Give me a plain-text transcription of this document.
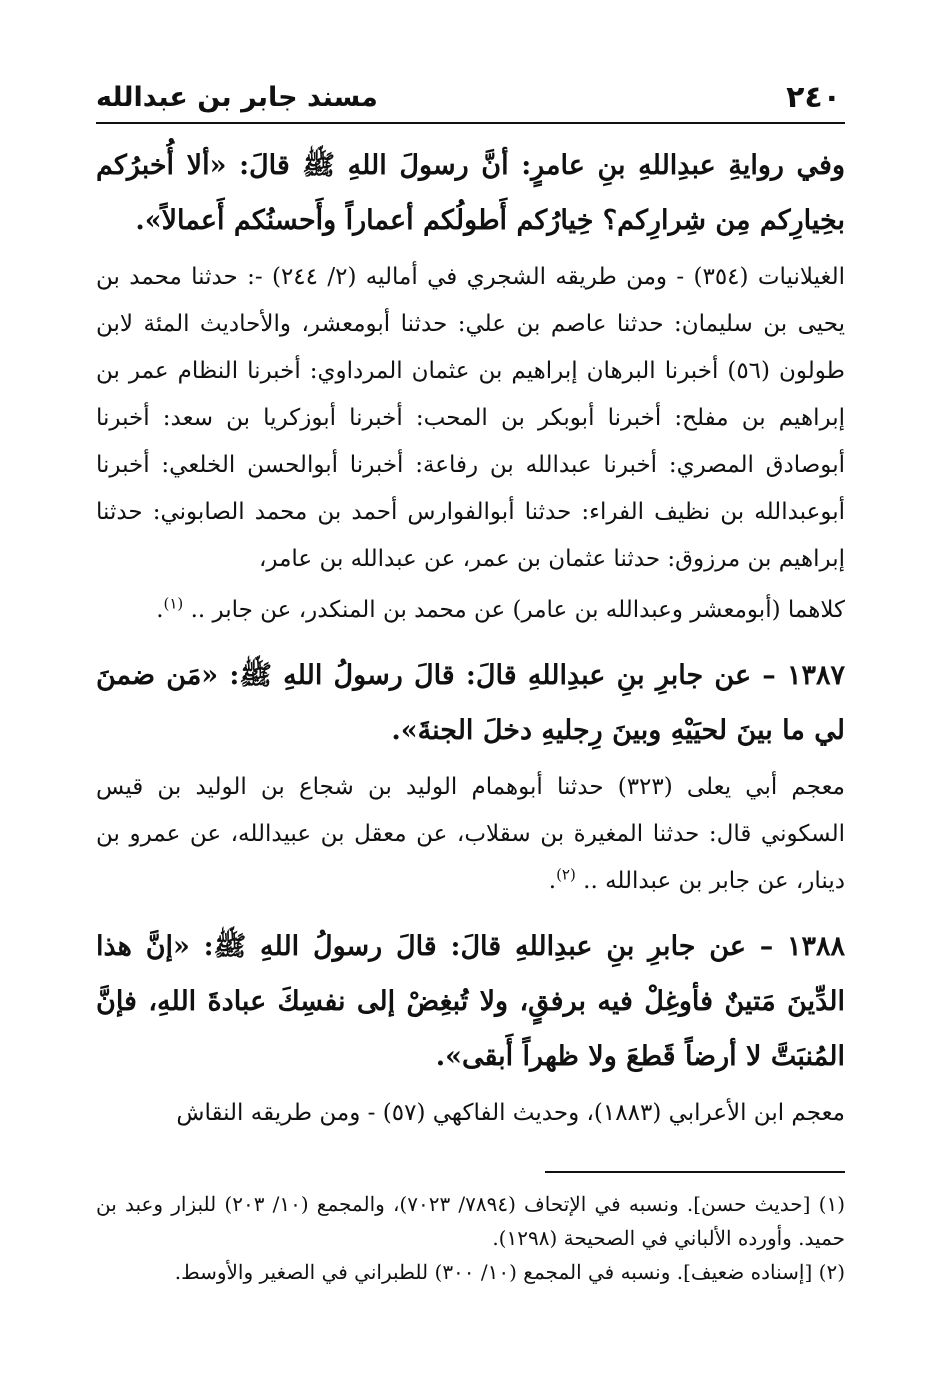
٢٤٠
مسند جابر بن عبدالله

وفي روايةِ عبدِاللهِ بنِ عامرٍ: أنَّ رسولَ اللهِ ﷺ قالَ: «ألا أُخبرُكم بخِيارِكم مِن شِرارِكم؟ خِيارُكم أَطولُكم أعماراً وأَحسنُكم أَعمالاً».

الغيلانيات (٣٥٤) - ومن طريقه الشجري في أماليه (٢/ ٢٤٤) -: حدثنا محمد بن يحيى بن سليمان: حدثنا عاصم بن علي: حدثنا أبومعشر، والأحاديث المئة لابن طولون (٥٦) أخبرنا البرهان إبراهيم بن عثمان المرداوي: أخبرنا النظام عمر بن إبراهيم بن مفلح: أخبرنا أبوبكر بن المحب: أخبرنا أبوزكريا بن سعد: أخبرنا أبوصادق المصري: أخبرنا عبدالله بن رفاعة: أخبرنا أبوالحسن الخلعي: أخبرنا أبوعبدالله بن نظيف الفراء: حدثنا أبوالفوارس أحمد بن محمد الصابوني: حدثنا إبراهيم بن مرزوق: حدثنا عثمان بن عمر، عن عبدالله بن عامر،

كلاهما (أبومعشر وعبدالله بن عامر) عن محمد بن المنكدر، عن جابر .. $^{(١)}$.

١٣٨٧ – عن جابرِ بنِ عبدِاللهِ قالَ: قالَ رسولُ اللهِ ﷺ: «مَن ضمنَ لي ما بينَ لحيَيْهِ وبينَ رِجليهِ دخلَ الجنةَ».

معجم أبي يعلى (٣٢٣) حدثنا أبوهمام الوليد بن شجاع بن الوليد بن قيس السكوني قال: حدثنا المغيرة بن سقلاب، عن معقل بن عبيدالله، عن عمرو بن دينار، عن جابر بن عبدالله .. $^{(٢)}$.

١٣٨٨ – عن جابرِ بنِ عبدِاللهِ قالَ: قالَ رسولُ اللهِ ﷺ: «إنَّ هذا الدِّينَ مَتينٌ فأوغِلْ فيه برفقٍ، ولا تُبغِضْ إلى نفسِكَ عبادةَ اللهِ، فإنَّ المُنبَتَّ لا أرضاً قَطعَ ولا ظهراً أَبقى».

معجم ابن الأعرابي (١٨٨٣)، وحديث الفاكهي (٥٧) - ومن طريقه النقاش

(١) [حديث حسن]. ونسبه في الإتحاف (٧٨٩٤/ ٧٠٢٣)، والمجمع (١٠/ ٢٠٣) للبزار وعبد بن حميد. وأورده الألباني في الصحيحة (١٢٩٨).

(٢) [إسناده ضعيف]. ونسبه في المجمع (١٠/ ٣٠٠) للطبراني في الصغير والأوسط.
